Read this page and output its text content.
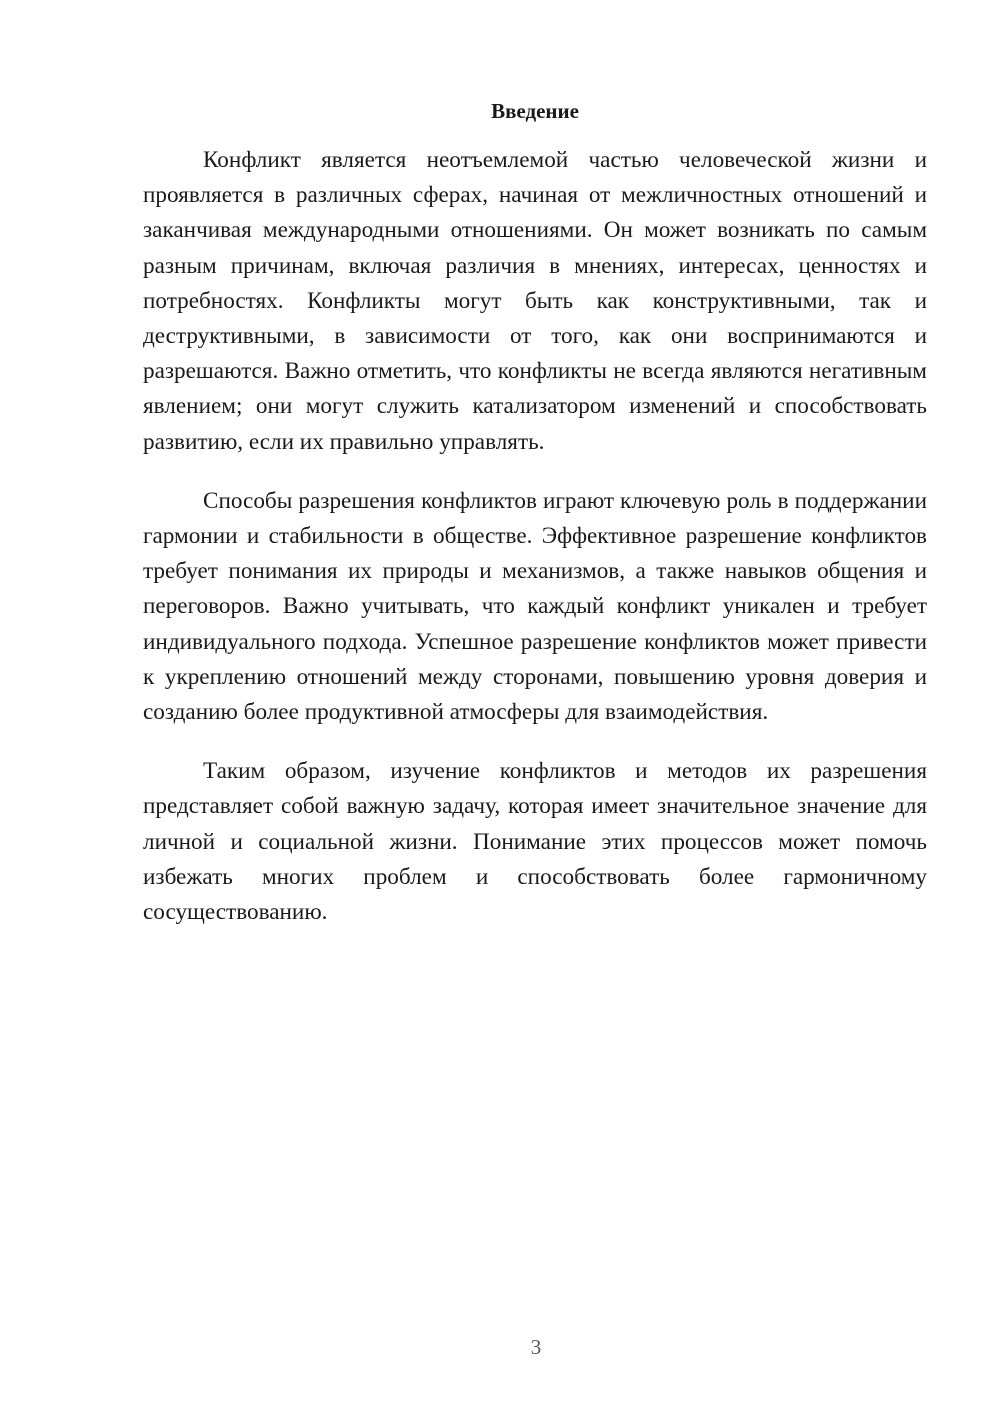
Введение

Конфликт является неотъемлемой частью человеческой жизни и проявляется в различных сферах, начиная от межличностных отношений и заканчивая международными отношениями. Он может возникать по самым разным причинам, включая различия в мнениях, интересах, ценностях и потребностях. Конфликты могут быть как конструктивными, так и деструктивными, в зависимости от того, как они воспринимаются и разрешаются. Важно отметить, что конфликты не всегда являются негативным явлением; они могут служить катализатором изменений и способствовать развитию, если их правильно управлять.

Способы разрешения конфликтов играют ключевую роль в поддержании гармонии и стабильности в обществе. Эффективное разрешение конфликтов требует понимания их природы и механизмов, а также навыков общения и переговоров. Важно учитывать, что каждый конфликт уникален и требует индивидуального подхода. Успешное разрешение конфликтов может привести к укреплению отношений между сторонами, повышению уровня доверия и созданию более продуктивной атмосферы для взаимодействия.

Таким образом, изучение конфликтов и методов их разрешения представляет собой важную задачу, которая имеет значительное значение для личной и социальной жизни. Понимание этих процессов может помочь избежать многих проблем и способствовать более гармоничному сосуществованию.

3
